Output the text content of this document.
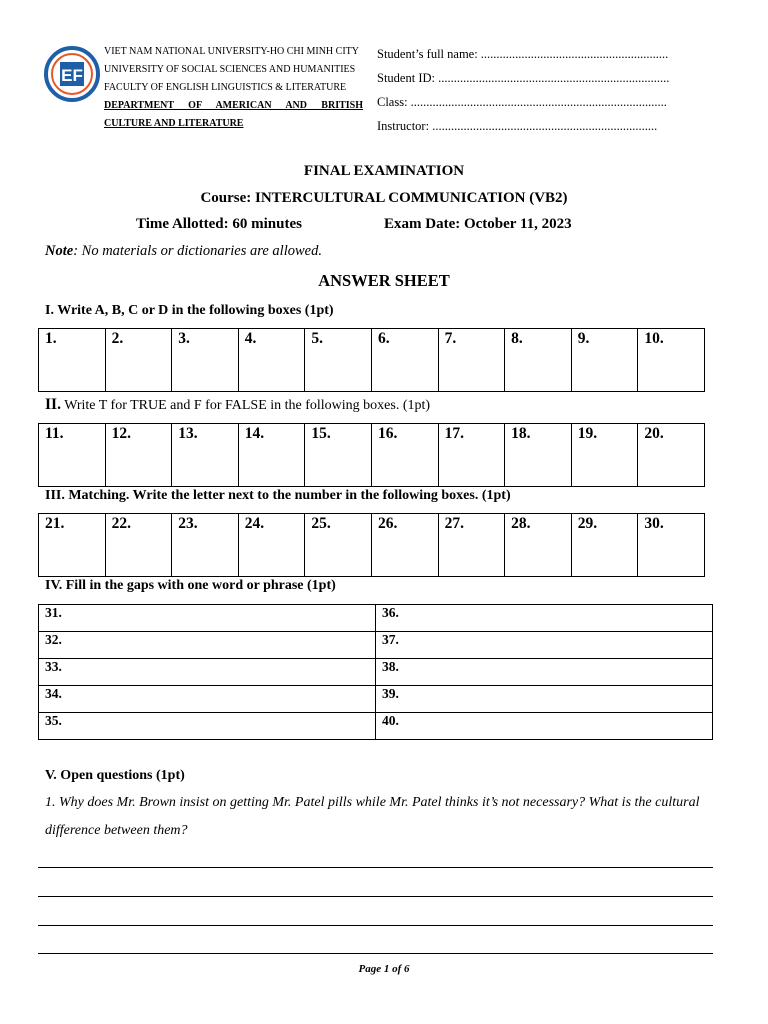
EF
VIET NAM NATIONAL UNIVERSITY-HO CHI MINH CITY
UNIVERSITY OF SOCIAL SCIENCES AND HUMANITIES
FACULTY OF ENGLISH LINGUISTICS & LITERATURE
DEPARTMENT OF AMERICAN AND BRITISH
CULTURE AND LITERATURE
Student’s full name: ............................................................
Student ID: ..........................................................................
Class: ..................................................................................
Instructor: ........................................................................
FINAL EXAMINATION
Course: INTERCULTURAL COMMUNICATION (VB2)
Time Allotted: 60 minutes	Exam Date: October 11, 2023
Note: No materials or dictionaries are allowed.
ANSWER SHEET
I. Write A, B, C or D in the following boxes (1pt)
1.	2.	3.	4.	5.	6.	7.	8.	9.	10.
II. Write T for TRUE and F for FALSE in the following boxes. (1pt)
11.	12.	13.	14.	15.	16.	17.	18.	19.	20.
III. Matching. Write the letter next to the number in the following boxes. (1pt)
21.	22.	23.	24.	25.	26.	27.	28.	29.	30.
IV. Fill in the gaps with one word or phrase (1pt)
31.	36.
32.	37.
33.	38.
34.	39.
35.	40.
V. Open questions (1pt)
1. Why does Mr. Brown insist on getting Mr. Patel pills while Mr. Patel thinks it’s not necessary? What is the cultural difference between them?
Page 1 of 6
